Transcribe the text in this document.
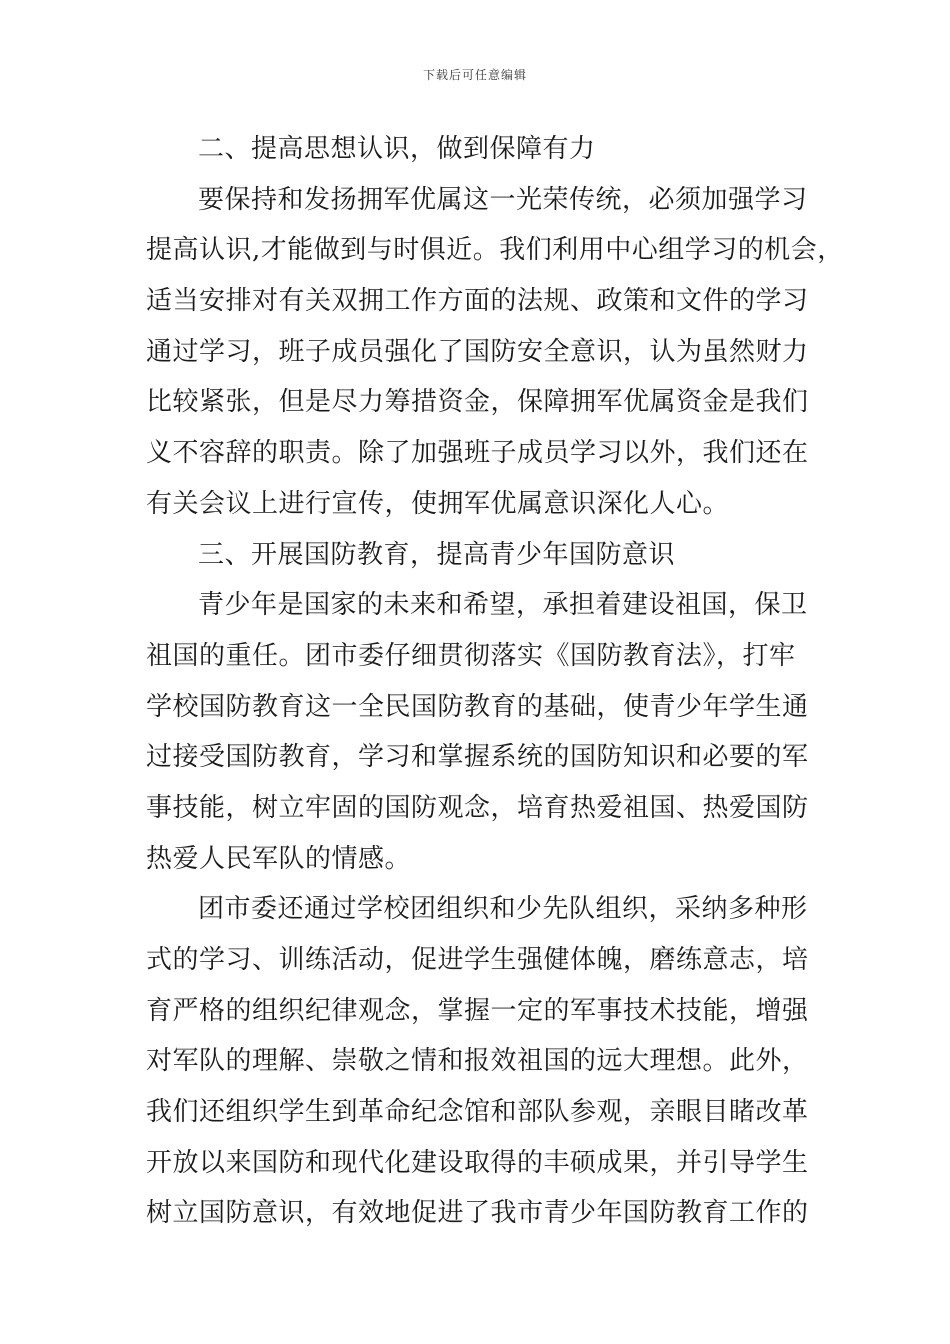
下载后可任意编辑
二、提高思想认识，做到保障有力
要保持和发扬拥军优属这一光荣传统，必须加强学习
提高认识,才能做到与时俱近。我们利用中心组学习的机会，
适当安排对有关双拥工作方面的法规、政策和文件的学习
通过学习，班子成员强化了国防安全意识，认为虽然财力
比较紧张，但是尽力筹措资金，保障拥军优属资金是我们
义不容辞的职责。除了加强班子成员学习以外，我们还在
有关会议上进行宣传，使拥军优属意识深化人心。
三、开展国防教育，提高青少年国防意识
青少年是国家的未来和希望，承担着建设祖国，保卫
祖国的重任。团市委仔细贯彻落实《国防教育法》，打牢
学校国防教育这一全民国防教育的基础，使青少年学生通
过接受国防教育，学习和掌握系统的国防知识和必要的军
事技能，树立牢固的国防观念，培育热爱祖国、热爱国防
热爱人民军队的情感。
团市委还通过学校团组织和少先队组织，采纳多种形
式的学习、训练活动，促进学生强健体魄，磨练意志，培
育严格的组织纪律观念，掌握一定的军事技术技能，增强
对军队的理解、崇敬之情和报效祖国的远大理想。此外，
我们还组织学生到革命纪念馆和部队参观，亲眼目睹改革
开放以来国防和现代化建设取得的丰硕成果，并引导学生
树立国防意识，有效地促进了我市青少年国防教育工作的
